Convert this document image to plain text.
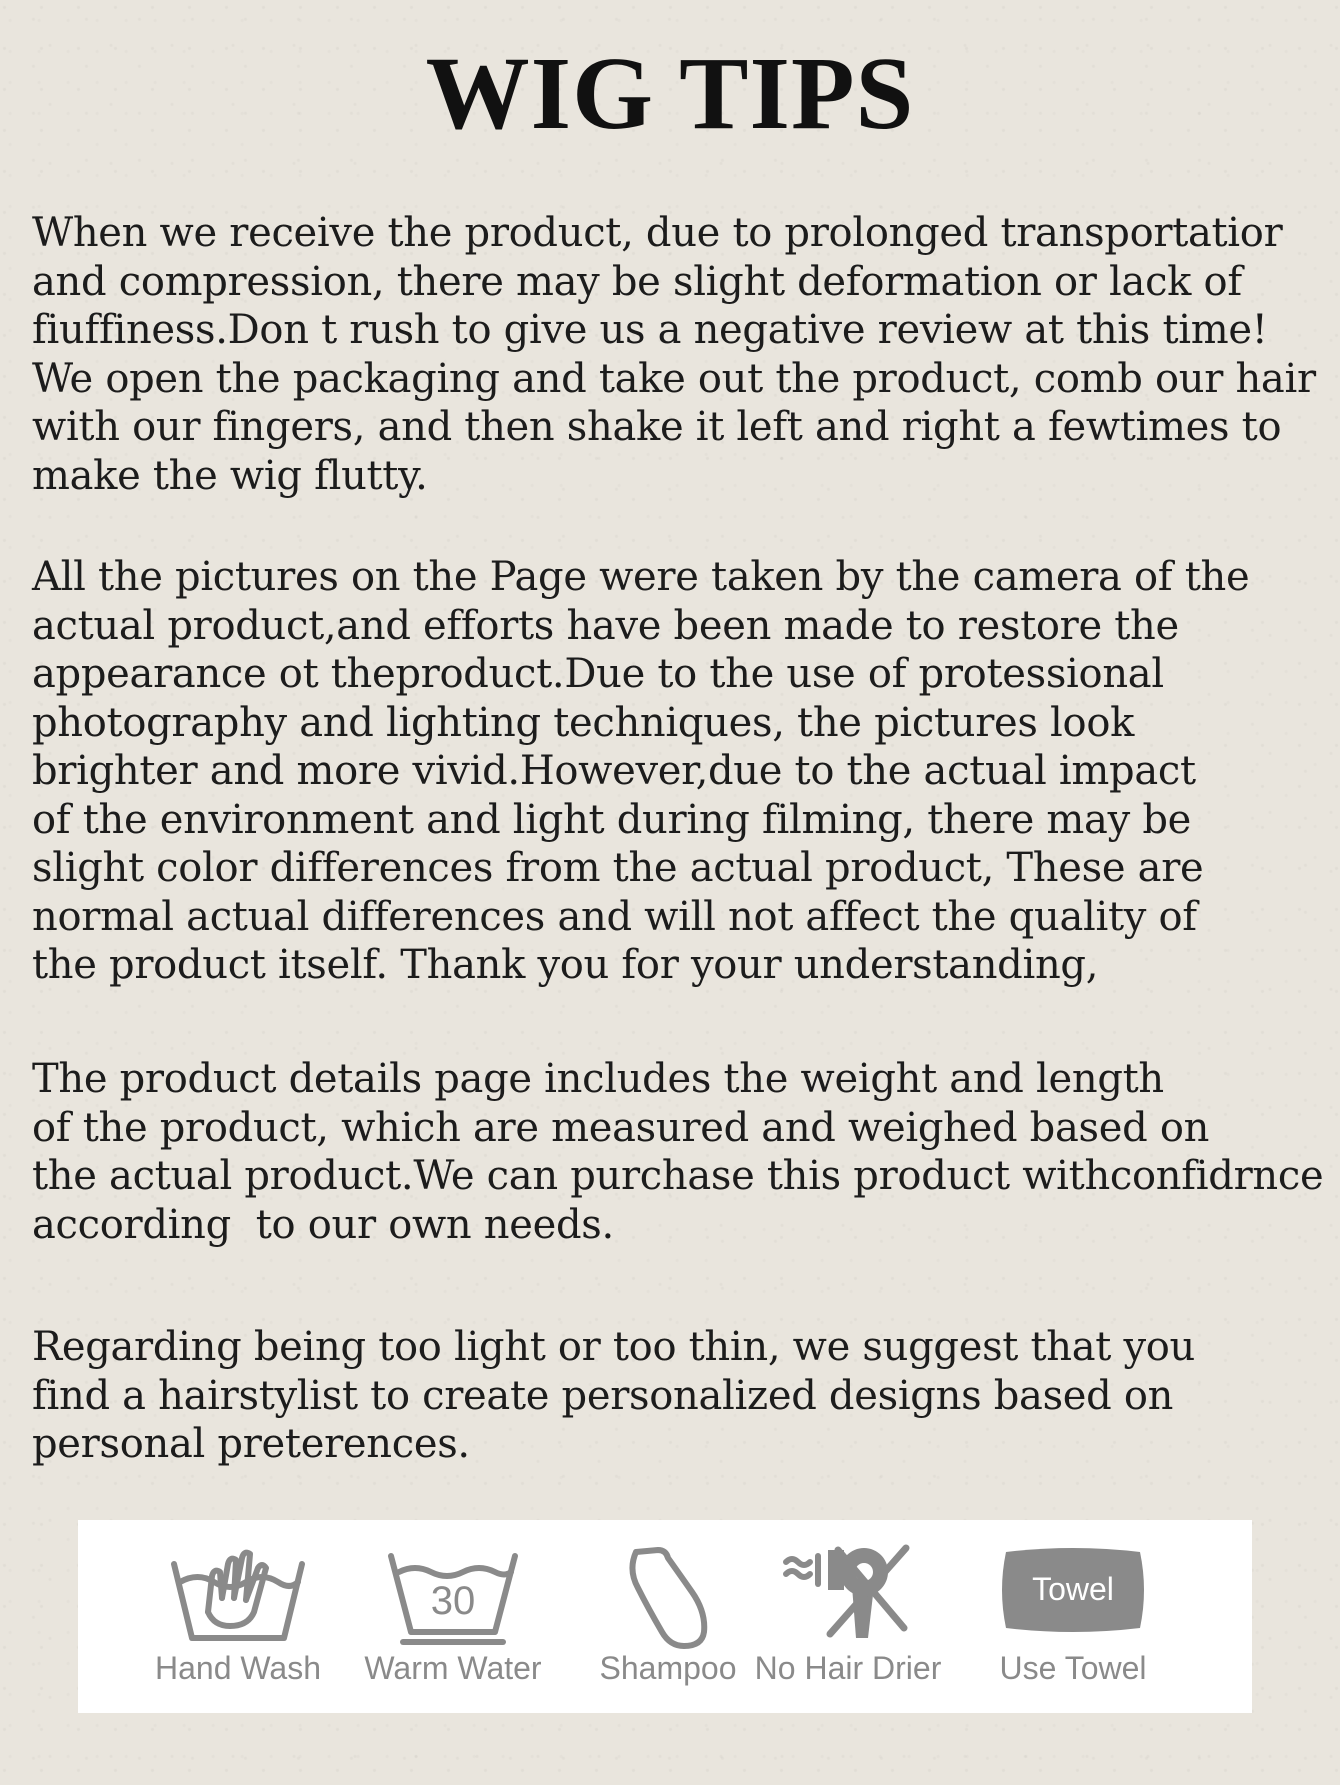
WIG TIPS
When we receive the product, due to prolonged transportatior
and compression, there may be slight deformation or lack of
fiuffiness.Don t rush to give us a negative review at this time!
We open the packaging and take out the product, comb our hair
with our fingers, and then shake it left and right a fewtimes to
make the wig flutty.
All the pictures on the Page were taken by the camera of the
actual product,and efforts have been made to restore the
appearance ot theproduct.Due to the use of protessional
photography and lighting techniques, the pictures look
brighter and more vivid.However,due to the actual impact
of the environment and light during filming, there may be
slight color differences from the actual product, These are
normal actual differences and will not affect the quality of
the product itself. Thank you for your understanding,
The product details page includes the weight and length
of the product, which are measured and weighed based on
the actual product.We can purchase this product withconfidrnce
according  to our own needs.
Regarding being too light or too thin, we suggest that you
find a hairstylist to create personalized designs based on
personal preterences.
Hand Wash
30
Warm Water	Shampoo No Hair Drier
Towel
Use Towel
